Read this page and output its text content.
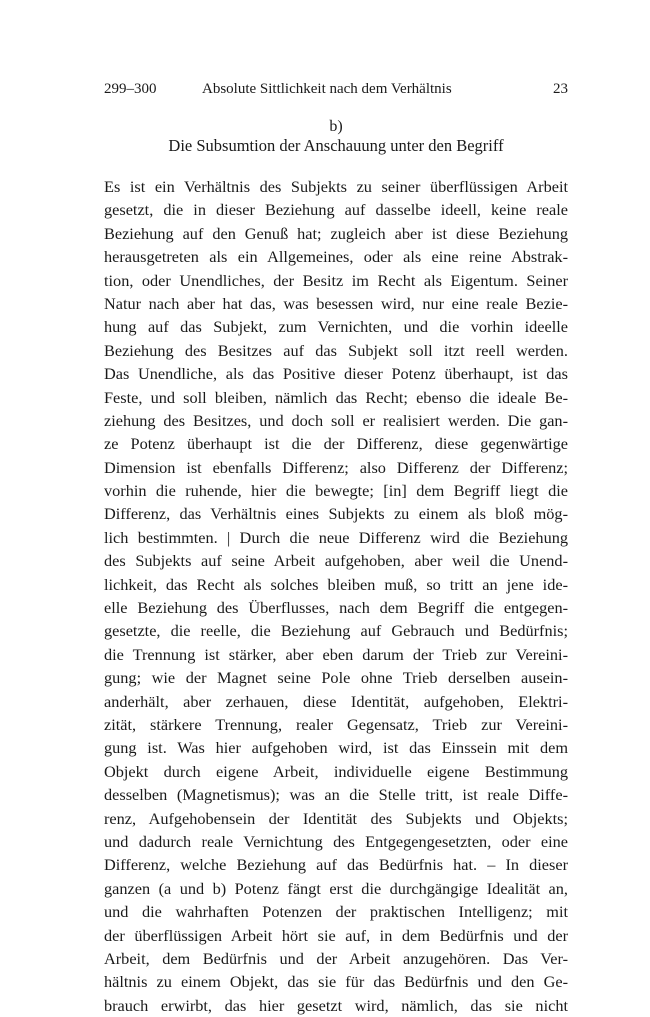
299–300	Absolute Sittlichkeit nach dem Verhältnis	23
b)
Die Subsumtion der Anschauung unter den Begriff
Es ist ein Verhältnis des Subjekts zu seiner überflüssigen Arbeit
gesetzt, die in dieser Beziehung auf dasselbe ideell, keine reale
Beziehung auf den Genuß hat; zugleich aber ist diese Beziehung
herausgetreten als ein Allgemeines, oder als eine reine Abstrak-
tion, oder Unendliches, der Besitz im Recht als Eigentum. Seiner
Natur nach aber hat das, was besessen wird, nur eine reale Bezie-
hung auf das Subjekt, zum Vernichten, und die vorhin ideelle
Beziehung des Besitzes auf das Subjekt soll itzt reell werden.
Das Unendliche, als das Positive dieser Potenz überhaupt, ist das
Feste, und soll bleiben, nämlich das Recht; ebenso die ideale Be-
ziehung des Besitzes, und doch soll er realisiert werden. Die gan-
ze Potenz überhaupt ist die der Differenz, diese gegenwärtige
Dimension ist ebenfalls Differenz; also Differenz der Differenz;
vorhin die ruhende, hier die bewegte; [in] dem Begriff liegt die
Differenz, das Verhältnis eines Subjekts zu einem als bloß mög-
lich bestimmten. | Durch die neue Differenz wird die Beziehung
des Subjekts auf seine Arbeit aufgehoben, aber weil die Unend-
lichkeit, das Recht als solches bleiben muß, so tritt an jene ide-
elle Beziehung des Überflusses, nach dem Begriff die entgegen-
gesetzte, die reelle, die Beziehung auf Gebrauch und Bedürfnis;
die Trennung ist stärker, aber eben darum der Trieb zur Vereini-
gung; wie der Magnet seine Pole ohne Trieb derselben ausein-
anderhält, aber zerhauen, diese Identität, aufgehoben, Elektri-
zität, stärkere Trennung, realer Gegensatz, Trieb zur Vereini-
gung ist. Was hier aufgehoben wird, ist das Einssein mit dem
Objekt durch eigene Arbeit, individuelle eigene Bestimmung
desselben (Magnetismus); was an die Stelle tritt, ist reale Diffe-
renz, Aufgehobensein der Identität des Subjekts und Objekts;
und dadurch reale Vernichtung des Entgegengesetzten, oder eine
Differenz, welche Beziehung auf das Bedürfnis hat. – In dieser
ganzen (a und b) Potenz fängt erst die durchgängige Idealität an,
und die wahrhaften Potenzen der praktischen Intelligenz; mit
der überflüssigen Arbeit hört sie auf, in dem Bedürfnis und der
Arbeit, dem Bedürfnis und der Arbeit anzugehören. Das Ver-
hältnis zu einem Objekt, das sie für das Bedürfnis und den Ge-
brauch erwirbt, das hier gesetzt wird, nämlich, das sie nicht
